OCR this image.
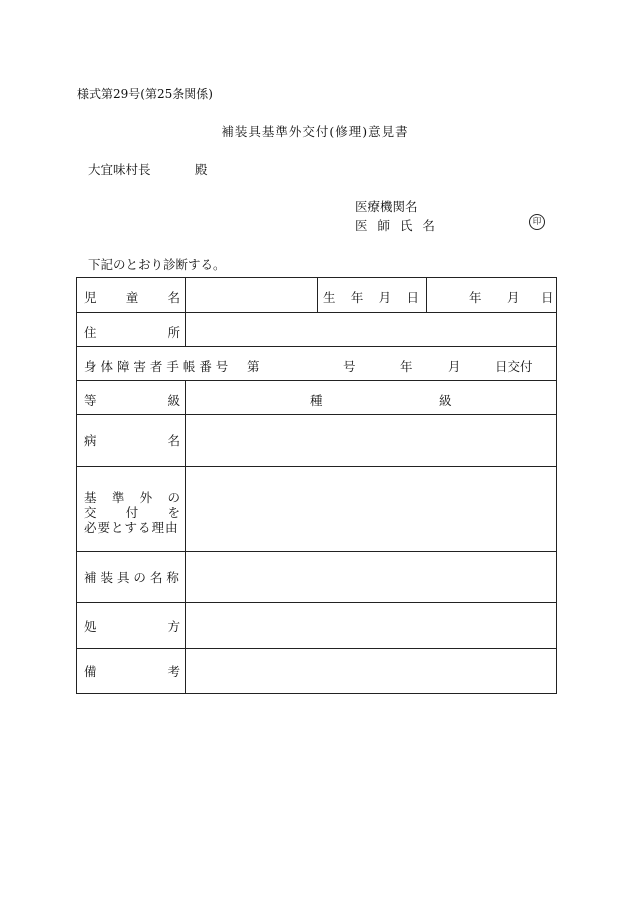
様式第29号(第25条関係)
補装具基準外交付(修理)意見書
大宜味村長	殿
医療機関名
医 師 氏 名	印
下記のとおり診断する。
児 童 名	生 年 月 日	年 月 日
住	所
身 体 障 害 者 手 帳 番 号 第	号	年	月	日交付
等	級	種	級
病	名
基 準 外 の
交 付 を
必要とする理由
補 装 具 の 名 称
処	方
備	考
